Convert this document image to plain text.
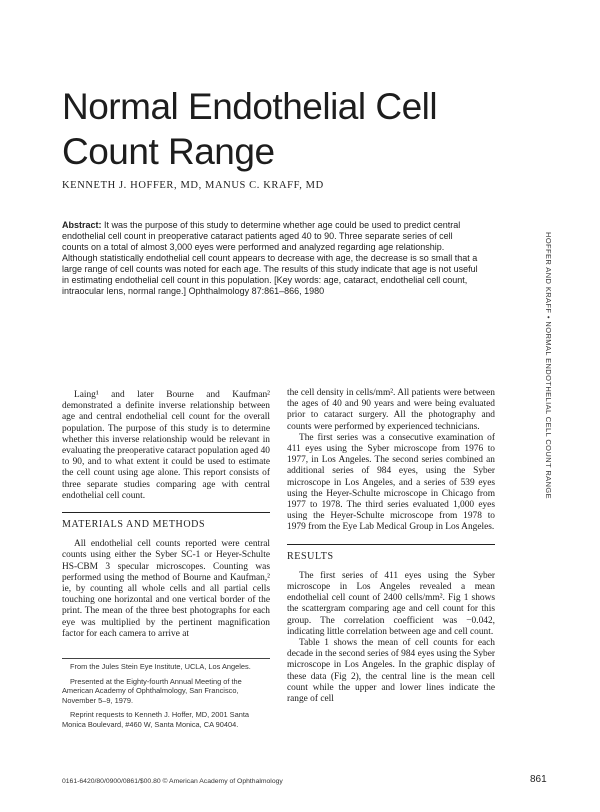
Normal Endothelial Cell Count Range
KENNETH J. HOFFER, MD, MANUS C. KRAFF, MD

Abstract: It was the purpose of this study to determine whether age could be used to predict central endothelial cell count in preoperative cataract patients aged 40 to 90. Three separate series of cell counts on a total of almost 3,000 eyes were performed and analyzed regarding age relationship. Although statistically endothelial cell count appears to decrease with age, the decrease is so small that a large range of cell counts was noted for each age. The results of this study indicate that age is not useful in estimating endothelial cell count in this population. [Key words: age, cataract, endothelial cell count, intraocular lens, normal range.] Ophthalmology 87:861–866, 1980	HOFFER AND KRAFF • NORMAL ENDOTHELIAL CELL COUNT RANGE

Laing¹ and later Bourne and Kaufman² demonstrated a definite inverse relationship between age and central endothelial cell count for the overall population. The purpose of this study is to determine whether this inverse relationship would be relevant in evaluating the preoperative cataract population aged 40 to 90, and to what extent it could be used to estimate the cell count using age alone. This report consists of three separate studies comparing age with central endothelial cell count.

MATERIALS AND METHODS

All endothelial cell counts reported were central counts using either the Syber SC-1 or Heyer-Schulte HS-CBM 3 specular microscopes. Counting was performed using the method of Bourne and Kaufman,² ie, by counting all whole cells and all partial cells touching one horizontal and one vertical border of the print. The mean of the three best photographs for each eye was multiplied by the pertinent magnification factor for each camera to arrive at

the cell density in cells/mm². All patients were between the ages of 40 and 90 years and were being evaluated prior to cataract surgery. All the photography and counts were performed by experienced technicians.

The first series was a consecutive examination of 411 eyes using the Syber microscope from 1976 to 1977, in Los Angeles. The second series combined an additional series of 984 eyes, using the Syber microscope in Los Angeles, and a series of 539 eyes using the Heyer-Schulte microscope in Chicago from 1977 to 1978. The third series evaluated 1,000 eyes using the Heyer-Schulte microscope from 1978 to 1979 from the Eye Lab Medical Group in Los Angeles.

RESULTS

The first series of 411 eyes using the Syber microscope in Los Angeles revealed a mean endothelial cell count of 2400 cells/mm². Fig 1 shows the scattergram comparing age and cell count for this group. The correlation coefficient was −0.042, indicating little correlation between age and cell count.

Table 1 shows the mean of cell counts for each decade in the second series of 984 eyes using the Syber microscope in Los Angeles. In the graphic display of these data (Fig 2), the central line is the mean cell count while the upper and lower lines indicate the range of cell

From the Jules Stein Eye Institute, UCLA, Los Angeles.

Presented at the Eighty-fourth Annual Meeting of the American Academy of Ophthalmology, San Francisco, November 5–9, 1979.

Reprint requests to Kenneth J. Hoffer, MD, 2001 Santa Monica Boulevard, #460 W, Santa Monica, CA 90404.

0161-6420/80/0900/0861/$00.80 © American Academy of Ophthalmology	861
